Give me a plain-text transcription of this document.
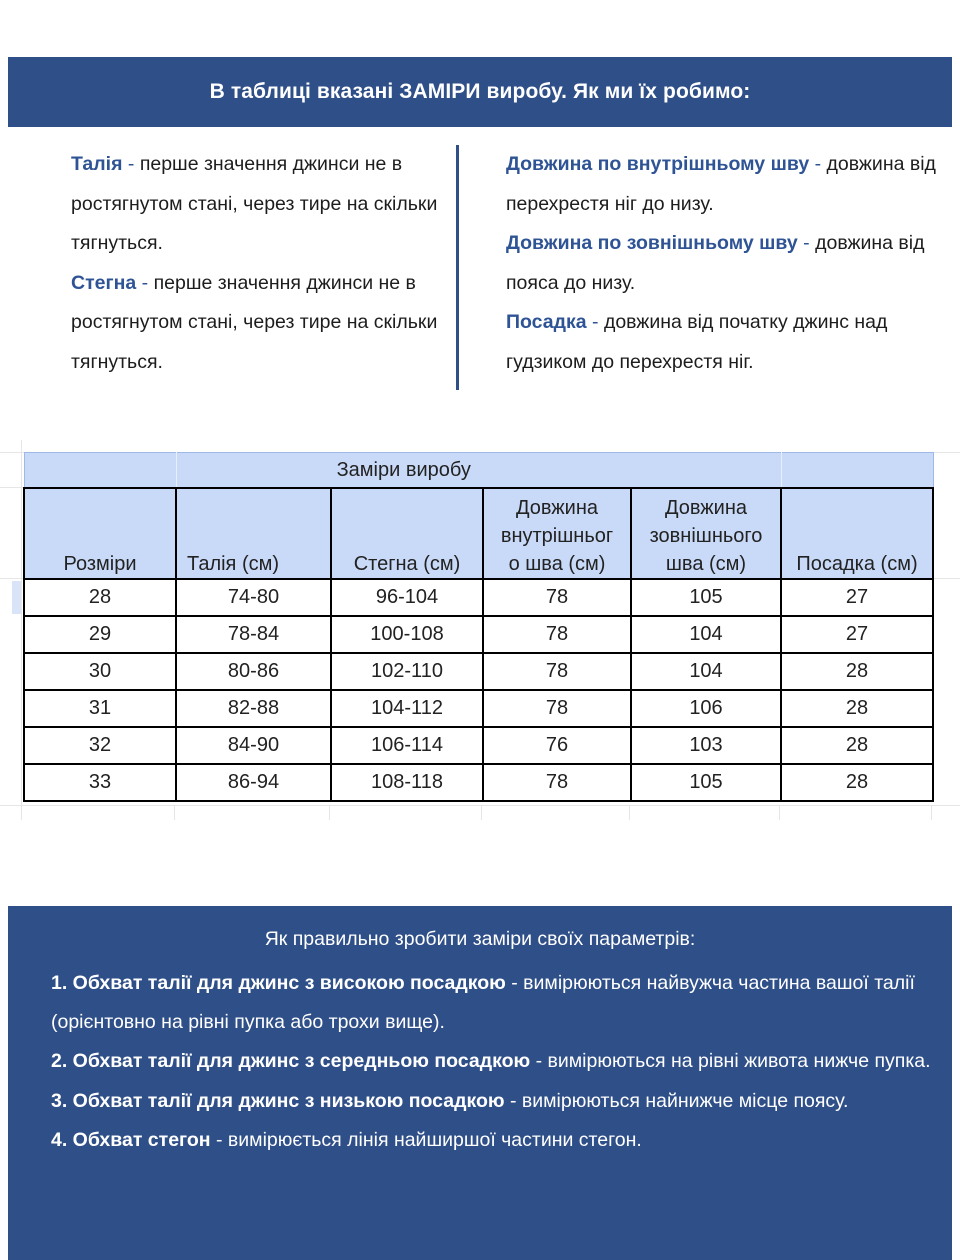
В таблиці вказані ЗАМІРИ виробу. Як ми їх робимо:
Талія - перше значення джинси не в ростягнутом стані, через тире на скільки тягнуться.
Стегна - перше значення джинси не в ростягнутом стані, через тире на скільки тягнуться.
Довжина по внутрішньому шву - довжина від перехрестя ніг до низу.
Довжина по зовнішньому шву - довжина від пояса до низу.
Посадка - довжина від початку джинс над гудзиком до перехрестя ніг.
	Заміри виробу				
Розміри	Талія (см)	Стегна (см)	Довжина
внутрішньог
о шва (см)	Довжина
зовнішнього
шва (см)	Посадка (см)
28	74-80	96-104	78	105	27
29	78-84	100-108	78	104	27
30	80-86	102-110	78	104	28
31	82-88	104-112	78	106	28
32	84-90	106-114	76	103	28
33	86-94	108-118	78	105	28
Як правильно зробити заміри своїх параметрів:
1. Обхват талії для джинс з високою посадкою - вимірюються найвужча частина вашої талії (орієнтовно на рівні пупка або трохи вище).
2. Обхват талії для джинс з середньою посадкою - вимірюються на рівні живота нижче пупка.
3. Обхват талії для джинс з низькою посадкою - вимірюються найнижче місце поясу.
4. Обхват стегон - вимірюється лінія найширшої частини стегон.
